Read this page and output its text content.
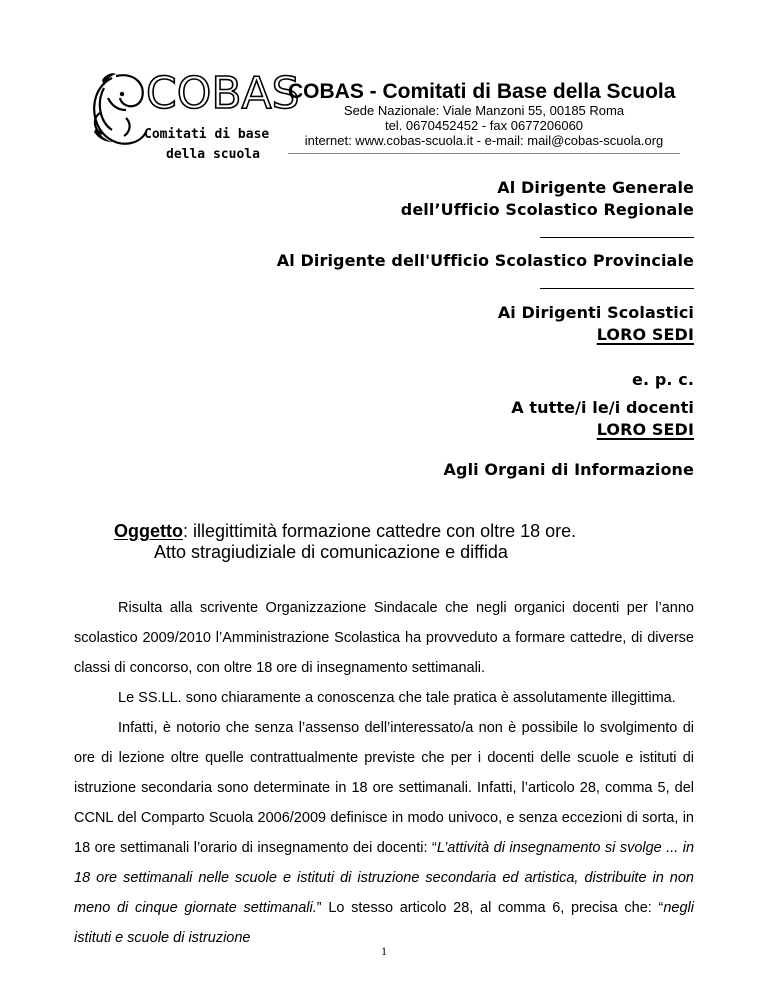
COBAS
Comitati di base
della scuola
COBAS - Comitati di Base della Scuola
Sede Nazionale: Viale Manzoni 55, 00185 Roma
tel. 0670452452 - fax 0677206060
internet: www.cobas-scuola.it - e-mail: mail@cobas-scuola.org
Al Dirigente Generale
dell’Ufficio Scolastico Regionale
Al Dirigente dell'Ufficio Scolastico Provinciale
Ai Dirigenti Scolastici
LORO SEDI
e. p. c.
A tutte/i le/i docenti
LORO SEDI
Agli Organi di Informazione
Oggetto: illegittimità formazione cattedre con oltre 18 ore.
Atto stragiudiziale di comunicazione e diffida

Risulta alla scrivente Organizzazione Sindacale che negli organici docenti per l’anno scolastico 2009/2010 l’Amministrazione Scolastica ha provveduto a formare cattedre, di diverse classi di concorso, con oltre 18 ore di insegnamento settimanali.

Le SS.LL. sono chiaramente a conoscenza che tale pratica è assolutamente illegittima.

Infatti, è notorio che senza l’assenso dell’interessato/a non è possibile lo svolgimento di ore di lezione oltre quelle contrattualmente previste che per i docenti delle scuole e istituti di istruzione secondaria sono determinate in 18 ore settimanali. Infatti, l’articolo 28, comma 5, del CCNL del Comparto Scuola 2006/2009 definisce in modo univoco, e senza eccezioni di sorta, in 18 ore settimanali l’orario di insegnamento dei docenti: “L’attività di insegnamento si svolge ... in 18 ore settimanali nelle scuole e istituti di istruzione secondaria ed artistica, distribuite in non meno di cinque giornate settimanali.” Lo stesso articolo 28, al comma 6, precisa che: “negli istituti e scuole di istruzione

1
